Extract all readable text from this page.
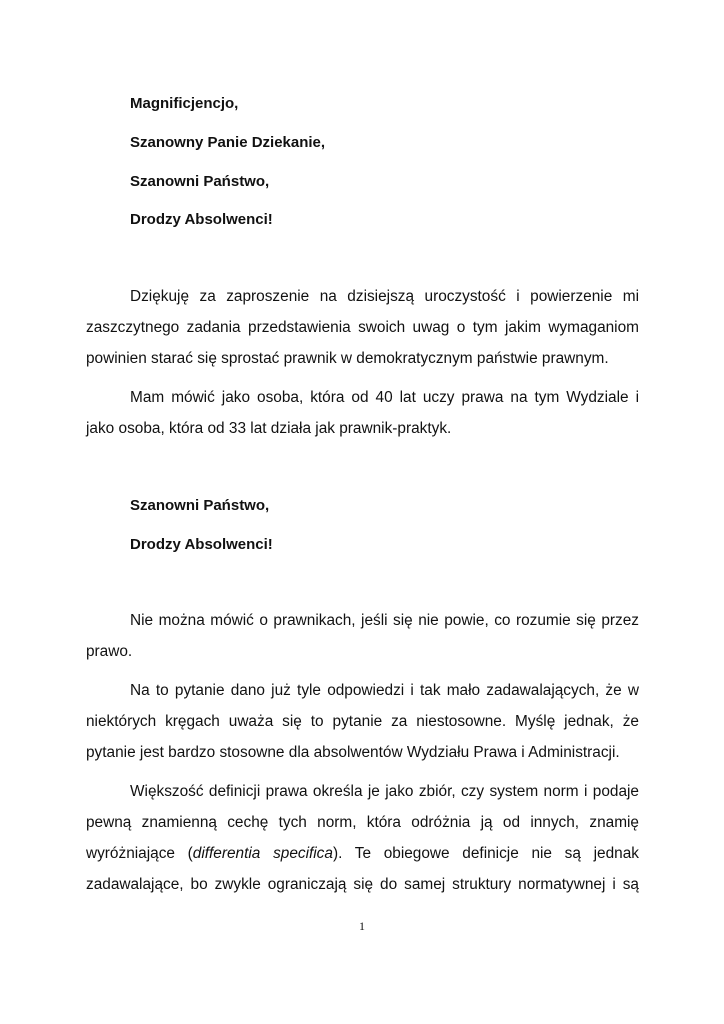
Magnificjencjo,
Szanowny Panie Dziekanie,
Szanowni Państwo,
Drodzy Absolwenci!
Dziękuję za zaproszenie na dzisiejszą uroczystość i powierzenie mi
zaszczytnego zadania przedstawienia swoich uwag o tym jakim wymaganiom
powinien starać się sprostać prawnik w demokratycznym państwie prawnym.
Mam mówić jako osoba, która od 40 lat uczy prawa na tym Wydziale i
jako osoba, która od 33 lat działa jak prawnik-praktyk.
Szanowni Państwo,
Drodzy Absolwenci!
Nie można mówić o prawnikach, jeśli się nie powie, co rozumie się przez
prawo.
Na to pytanie dano już tyle odpowiedzi i tak mało zadawalających, że w
niektórych kręgach uważa się to pytanie za niestosowne. Myślę jednak, że
pytanie jest bardzo stosowne dla absolwentów Wydziału Prawa i Administracji.
Większość definicji prawa określa je jako zbiór, czy system norm i podaje
pewną znamienną cechę tych norm, która odróżnia ją od innych, znamię
wyróżniające (differentia specifica). Te obiegowe definicje nie są jednak
zadawalające, bo zwykle ograniczają się do samej struktury normatywnej i są
1
